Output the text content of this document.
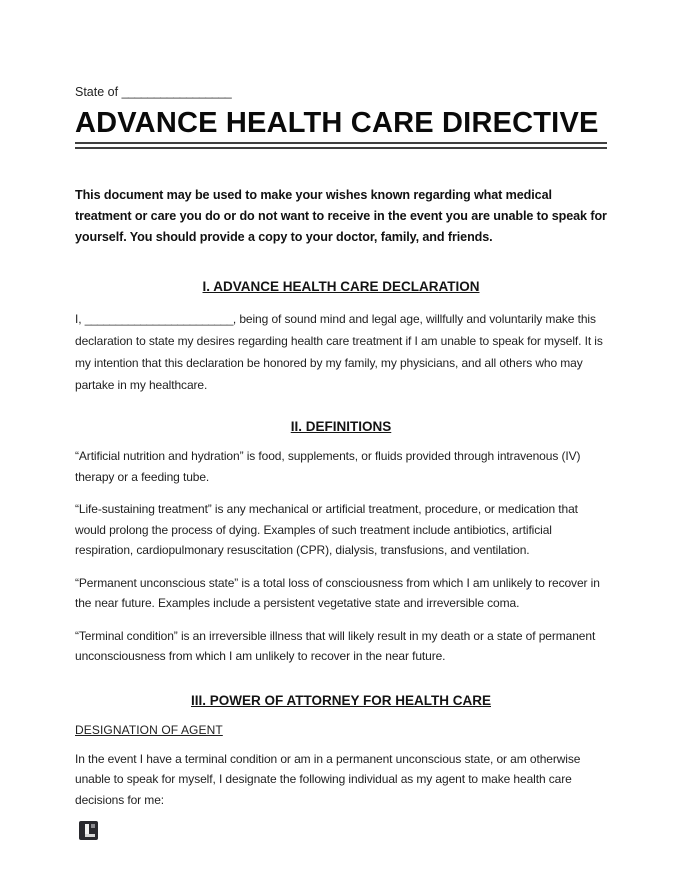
State of _________________
ADVANCE HEALTH CARE DIRECTIVE
This document may be used to make your wishes known regarding what medical treatment or care you do or do not want to receive in the event you are unable to speak for yourself. You should provide a copy to your doctor, family, and friends.
I. ADVANCE HEALTH CARE DECLARATION

I, ________________________, being of sound mind and legal age, willfully and voluntarily make this declaration to state my desires regarding health care treatment if I am unable to speak for myself. It is my intention that this declaration be honored by my family, my physicians, and all others who may partake in my healthcare.

II. DEFINITIONS

“Artificial nutrition and hydration” is food, supplements, or fluids provided through intravenous (IV) therapy or a feeding tube.

“Life-sustaining treatment” is any mechanical or artificial treatment, procedure, or medication that would prolong the process of dying. Examples of such treatment include antibiotics, artificial respiration, cardiopulmonary resuscitation (CPR), dialysis, transfusions, and ventilation.

“Permanent unconscious state” is a total loss of consciousness from which I am unlikely to recover in the near future. Examples include a persistent vegetative state and irreversible coma.

“Terminal condition” is an irreversible illness that will likely result in my death or a state of permanent unconsciousness from which I am unlikely to recover in the near future.

III. POWER OF ATTORNEY FOR HEALTH CARE
DESIGNATION OF AGENT

In the event I have a terminal condition or am in a permanent unconscious state, or am otherwise unable to speak for myself, I designate the following individual as my agent to make health care decisions for me:
